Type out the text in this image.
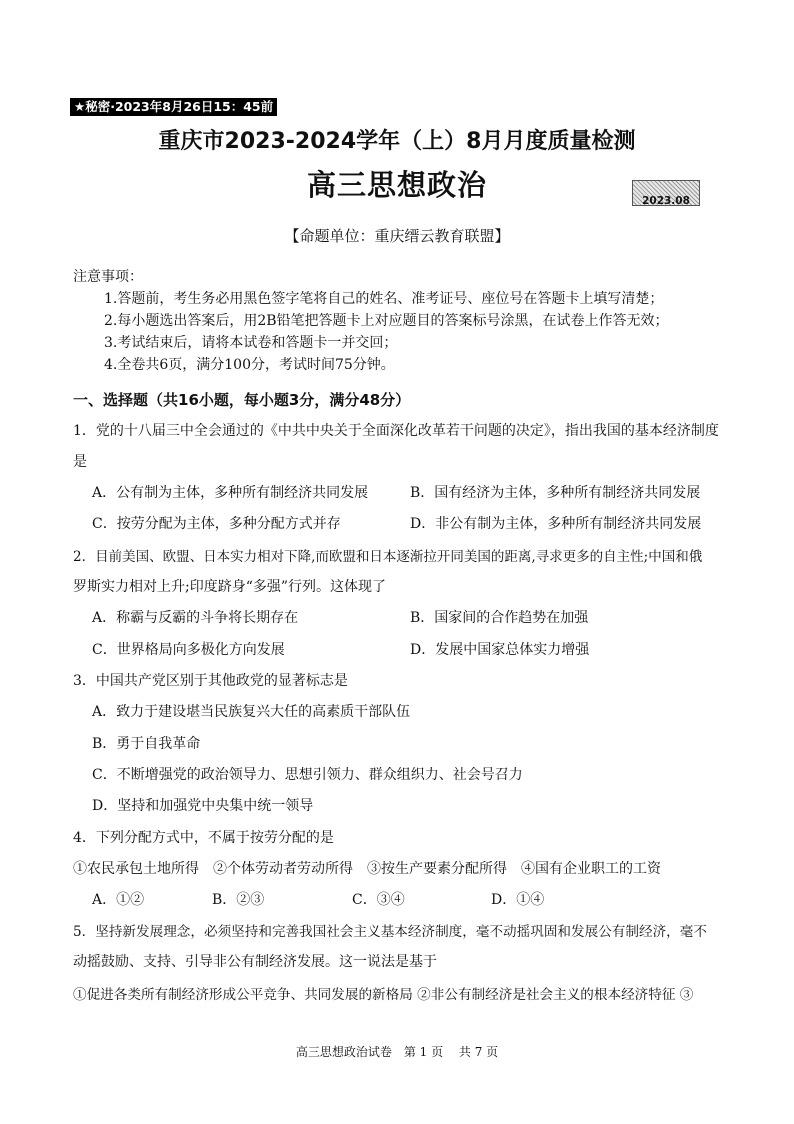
★秘密·2023年8月26日15：45前
重庆市2023-2024学年（上）8月月度质量检测
高三思想政治	2023.08
【命题单位：重庆缙云教育联盟】
注意事项：
1.答题前，考生务必用黑色签字笔将自己的姓名、准考证号、座位号在答题卡上填写清楚；
2.每小题选出答案后，用2B铅笔把答题卡上对应题目的答案标号涂黑，在试卷上作答无效；
3.考试结束后，请将本试卷和答题卡一并交回；
4.全卷共6页，满分100分，考试时间75分钟。
一、选择题（共16小题，每小题3分，满分48分）
1．党的十八届三中全会通过的《中共中央关于全面深化改革若干问题的决定》，指出我国的基本经济制度
是
A．公有制为主体，多种所有制经济共同发展	B．国有经济为主体，多种所有制经济共同发展
C．按劳分配为主体，多种分配方式并存	D．非公有制为主体，多种所有制经济共同发展
2．目前美国、欧盟、日本实力相对下降,而欧盟和日本逐渐拉开同美国的距离,寻求更多的自主性;中国和俄
罗斯实力相对上升;印度跻身“多强”行列。这体现了
A．称霸与反霸的斗争将长期存在	B．国家间的合作趋势在加强
C．世界格局向多极化方向发展	D．发展中国家总体实力增强
3．中国共产党区别于其他政党的显著标志是
A．致力于建设堪当民族复兴大任的高素质干部队伍
B．勇于自我革命
C．不断增强党的政治领导力、思想引领力、群众组织力、社会号召力
D．坚持和加强党中央集中统一领导
4．下列分配方式中，不属于按劳分配的是
①农民承包土地所得　②个体劳动者劳动所得　③按生产要素分配所得　④国有企业职工的工资
A．①②	B．②③	C．③④	D．①④
5．坚持新发展理念，必须坚持和完善我国社会主义基本经济制度，毫不动摇巩固和发展公有制经济，毫不
动摇鼓励、支持、引导非公有制经济发展。这一说法是基于
①促进各类所有制经济形成公平竞争、共同发展的新格局 ②非公有制经济是社会主义的根本经济特征 ③
高三思想政治试卷　第 1 页　 共 7 页
